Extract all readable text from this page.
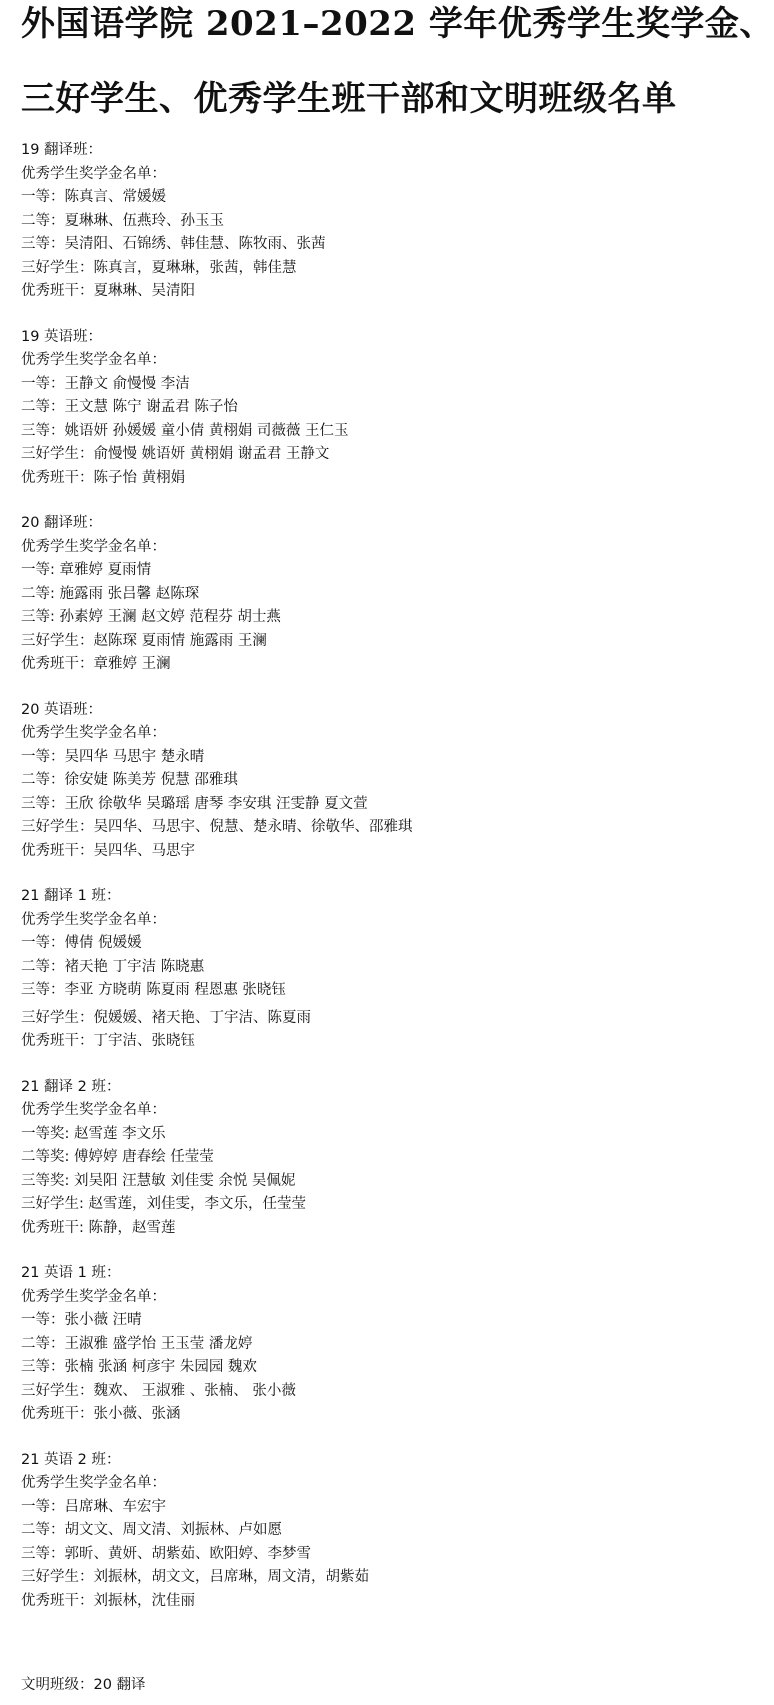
外国语学院 2021–2022 学年优秀学生奖学金、
三好学生、优秀学生班干部和文明班级名单
19 翻译班：
优秀学生奖学金名单：
一等：陈真言、常媛媛
二等：夏琳琳、伍燕玲、孙玉玉
三等：吴清阳、石锦绣、韩佳慧、陈牧雨、张茜
三好学生：陈真言，夏琳琳，张茜，韩佳慧
优秀班干：夏琳琳、吴清阳
19 英语班：
优秀学生奖学金名单：
一等：王静文 俞慢慢 李洁
二等：王文慧 陈宁 谢孟君 陈子怡
三等：姚语妍 孙媛媛 童小倩 黄栩娟 司薇薇 王仁玉
三好学生：俞慢慢 姚语妍 黄栩娟 谢孟君 王静文
优秀班干：陈子怡 黄栩娟
20 翻译班：
优秀学生奖学金名单：
一等: 章雅婷 夏雨情
二等: 施露雨 张吕馨 赵陈琛
三等: 孙素婷 王澜 赵文婷 范程芬 胡士燕
三好学生：赵陈琛 夏雨情 施露雨 王澜
优秀班干：章雅婷 王澜
20 英语班：
优秀学生奖学金名单：
一等：吴四华 马思宇 楚永晴
二等：徐安婕 陈美芳 倪慧 邵雅琪
三等：王欣 徐敬华 吴璐瑶 唐琴 李安琪 汪雯静 夏文萱
三好学生：吴四华、马思宇、倪慧、楚永晴、徐敬华、邵雅琪
优秀班干：吴四华、马思宇
21 翻译 1 班：
优秀学生奖学金名单：
一等：傅倩 倪媛媛
二等：褚天艳 丁宇洁 陈晓惠
三等：李亚 方晓萌 陈夏雨 程恩惠 张晓钰
三好学生：倪媛媛、褚天艳、丁宇洁、陈夏雨
优秀班干：丁宇洁、张晓钰
21 翻译 2 班：
优秀学生奖学金名单：
一等奖: 赵雪莲 李文乐
二等奖: 傅婷婷 唐春绘 任莹莹
三等奖: 刘吴阳 汪慧敏 刘佳雯 余悦 吴佩妮
三好学生: 赵雪莲，刘佳雯，李文乐，任莹莹
优秀班干: 陈静，赵雪莲
21 英语 1 班：
优秀学生奖学金名单：
一等：张小薇 汪晴
二等：王淑雅 盛学怡 王玉莹 潘龙婷
三等：张楠 张涵 柯彦宇 朱园园 魏欢
三好学生：魏欢、 王淑雅 、张楠、 张小薇
优秀班干：张小薇、张涵
21 英语 2 班：
优秀学生奖学金名单：
一等：吕席琳、车宏宇
二等：胡文文、周文清、刘振林、卢如愿
三等：郭昕、黄妍、胡紫茹、欧阳婷、李梦雪
三好学生：刘振林，胡文文，吕席琳，周文清，胡紫茹
优秀班干：刘振林，沈佳丽
文明班级：20 翻译
